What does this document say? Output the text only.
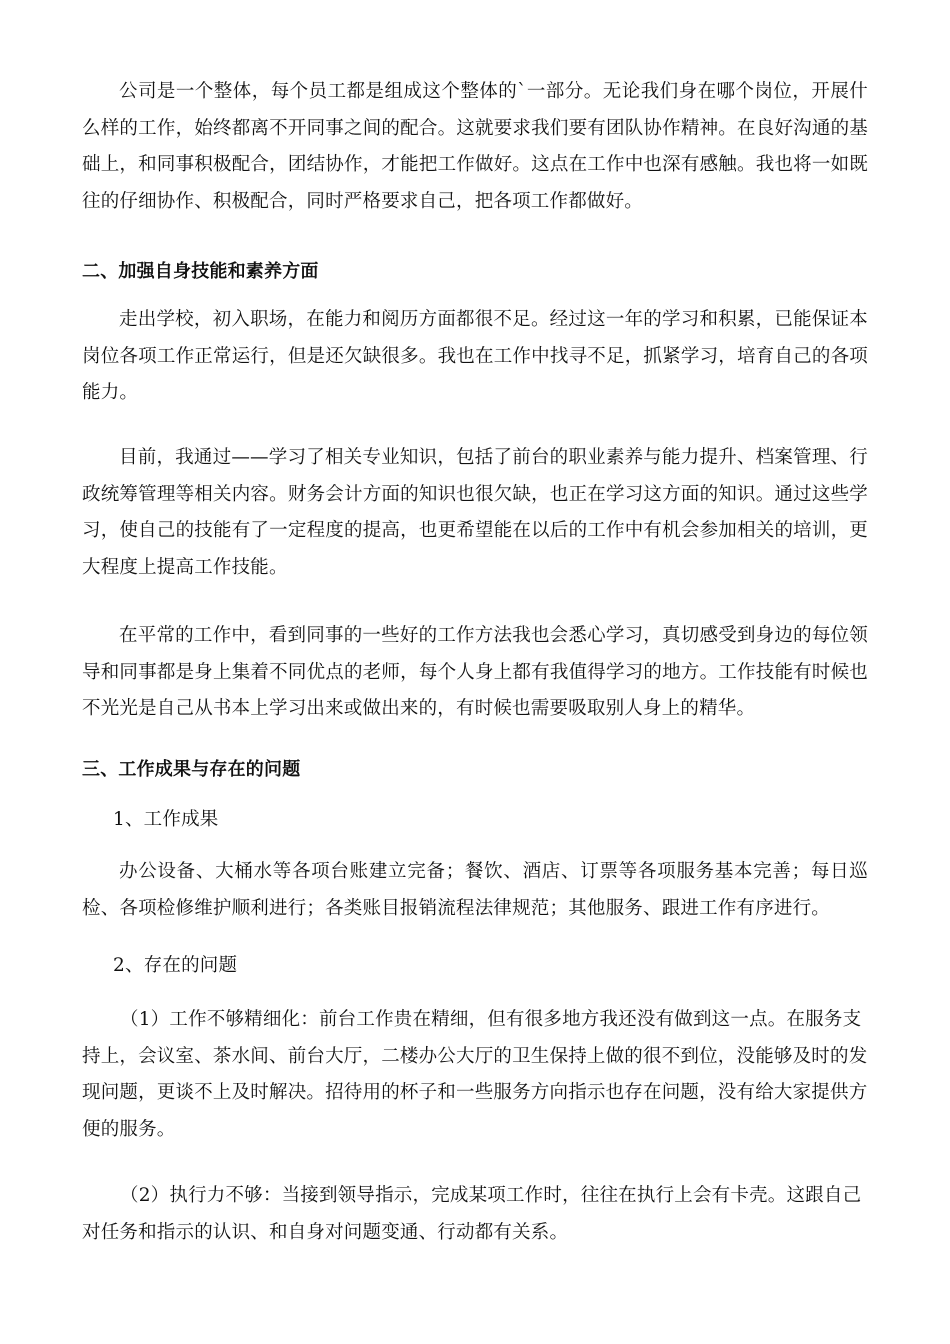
公司是一个整体，每个员工都是组成这个整体的`一部分。无论我们身在哪个岗位，开展什么样的工作，始终都离不开同事之间的配合。这就要求我们要有团队协作精神。在良好沟通的基础上，和同事积极配合，团结协作，才能把工作做好。这点在工作中也深有感触。我也将一如既往的仔细协作、积极配合，同时严格要求自己，把各项工作都做好。

二、加强自身技能和素养方面

走出学校，初入职场，在能力和阅历方面都很不足。经过这一年的学习和积累，已能保证本岗位各项工作正常运行，但是还欠缺很多。我也在工作中找寻不足，抓紧学习，培育自己的各项能力。

目前，我通过——学习了相关专业知识，包括了前台的职业素养与能力提升、档案管理、行政统筹管理等相关内容。财务会计方面的知识也很欠缺，也正在学习这方面的知识。通过这些学习，使自己的技能有了一定程度的提高，也更希望能在以后的工作中有机会参加相关的培训，更大程度上提高工作技能。

在平常的工作中，看到同事的一些好的工作方法我也会悉心学习，真切感受到身边的每位领导和同事都是身上集着不同优点的老师，每个人身上都有我值得学习的地方。工作技能有时候也不光光是自己从书本上学习出来或做出来的，有时候也需要吸取别人身上的精华。

三、工作成果与存在的问题

1、工作成果

办公设备、大桶水等各项台账建立完备；餐饮、酒店、订票等各项服务基本完善；每日巡检、各项检修维护顺利进行；各类账目报销流程法律规范；其他服务、跟进工作有序进行。

2、存在的问题

（1）工作不够精细化：前台工作贵在精细，但有很多地方我还没有做到这一点。在服务支持上，会议室、茶水间、前台大厅，二楼办公大厅的卫生保持上做的很不到位，没能够及时的发现问题，更谈不上及时解决。招待用的杯子和一些服务方向指示也存在问题，没有给大家提供方便的服务。

（2）执行力不够：当接到领导指示，完成某项工作时，往往在执行上会有卡壳。这跟自己对任务和指示的认识、和自身对问题变通、行动都有关系。
